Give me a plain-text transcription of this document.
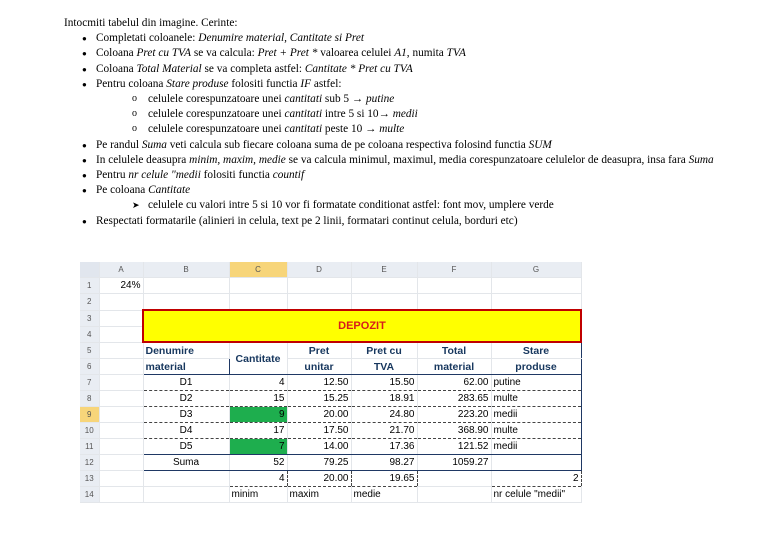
Intocmiti tabelul din imagine. Cerinte:

● Completati coloanele: Denumire material, Cantitate si Pret
● Coloana Pret cu TVA se va calcula: Pret + Pret * valoarea celulei A1, numita TVA
● Coloana Total Material se va completa astfel: Cantitate * Pret cu TVA
● Pentru coloana Stare produse folositi functia IF astfel:
o celulele corespunzatoare unei cantitati sub 5 → putine
o celulele corespunzatoare unei cantitati intre 5 si 10→ medii
o celulele corespunzatoare unei cantitati peste 10 → multe
● Pe randul Suma veti calcula sub fiecare coloana suma de pe coloana respectiva folosind functia SUM
● In celulele deasupra minim, maxim, medie se va calcula minimul, maximul, media corespunzatoare celulelor de deasupra, insa fara Suma
● Pentru nr celule "medii folositi functia countif
● Pe coloana Cantitate
➤ celulele cu valori intre 5 si 10 vor fi formatate conditionat astfel: font mov, umplere verde
● Respectati formatarile (alinieri in celula, text pe 2 linii, formatari continut celula, borduri etc)
	A	B	C	D	E	F	G
1	24%						
2							
3		DEPOZIT					
4							
5		Denumire	Cantitate	Pret	Pret cu	Total	Stare
6		material		unitar	TVA	material	produse
7		D1	4	12.50	15.50	62.00	putine
8		D2	15	15.25	18.91	283.65	multe
9		D3	9	20.00	24.80	223.20	medii
10		D4	17	17.50	21.70	368.90	multe
11		D5	7	14.00	17.36	121.52	medii
12		Suma	52	79.25	98.27	1059.27	
13			4	20.00	19.65		2
14			minim	maxim	medie		nr celule "medii"
